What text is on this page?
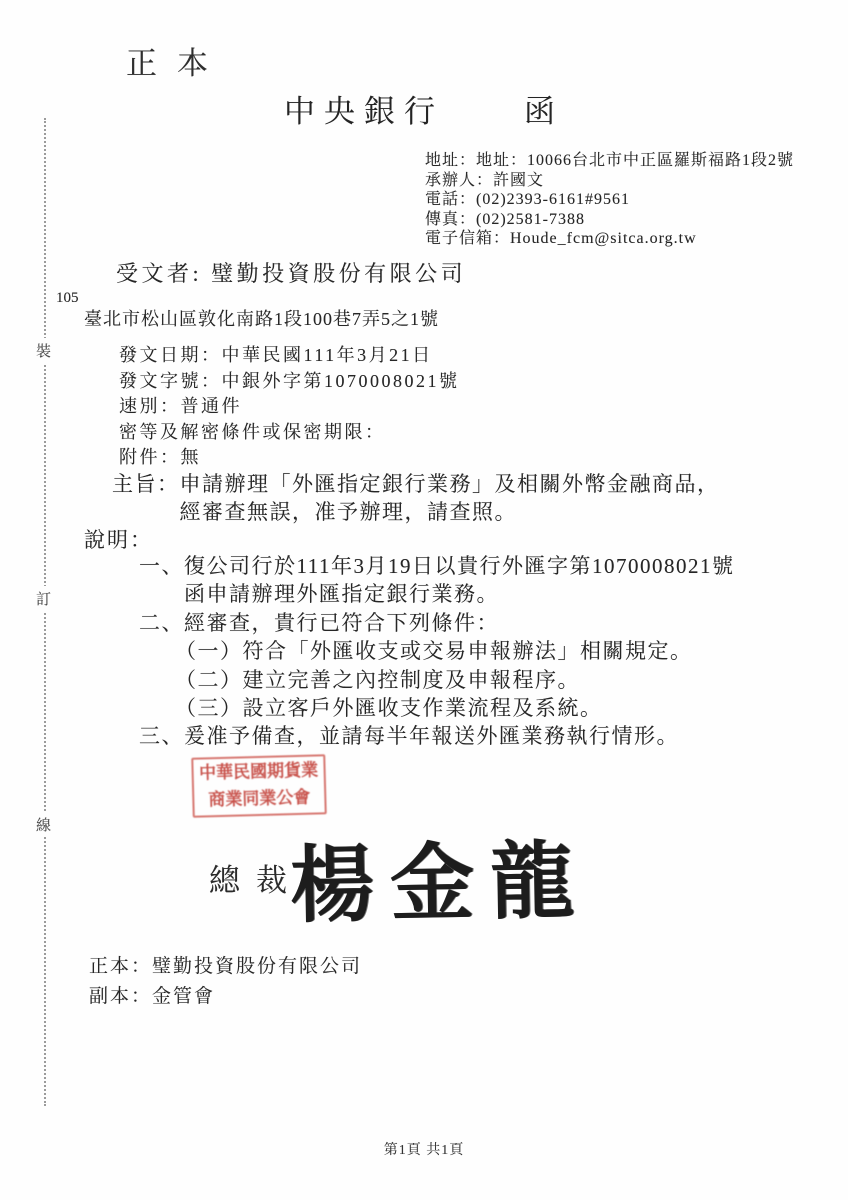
裝
訂
線
正本
中央銀行　　函
地址：地址：10066台北市中正區羅斯福路1段2號
承辦人：許國文
電話：(02)2393-6161#9561
傳真：(02)2581-7388
電子信箱：Houde_fcm@sitca.org.tw
受文者: 璧勤投資股份有限公司
105
臺北市松山區敦化南路1段100巷7弄5之1號
發文日期：中華民國111年3月21日
發文字號：中銀外字第1070008021號
速別：普通件
密等及解密條件或保密期限：
附件：無
主旨： 申請辦理「外匯指定銀行業務」及相關外幣金融商品，經審查無誤，准予辦理，請查照。
說明：
一、 復公司行於111年3月19日以貴行外匯字第1070008021號函申請辦理外匯指定銀行業務。
二、 經審查，貴行已符合下列條件：
（一） 符合「外匯收支或交易申報辦法」相關規定。
（二） 建立完善之內控制度及申報程序。
（三） 設立客戶外匯收支作業流程及系統。
三、 爰准予備查，並請每半年報送外匯業務執行情形。
中華民國期貨業
商業同業公會
總裁
楊金龍
正本：璧勤投資股份有限公司
副本：金管會
第1頁 共1頁
